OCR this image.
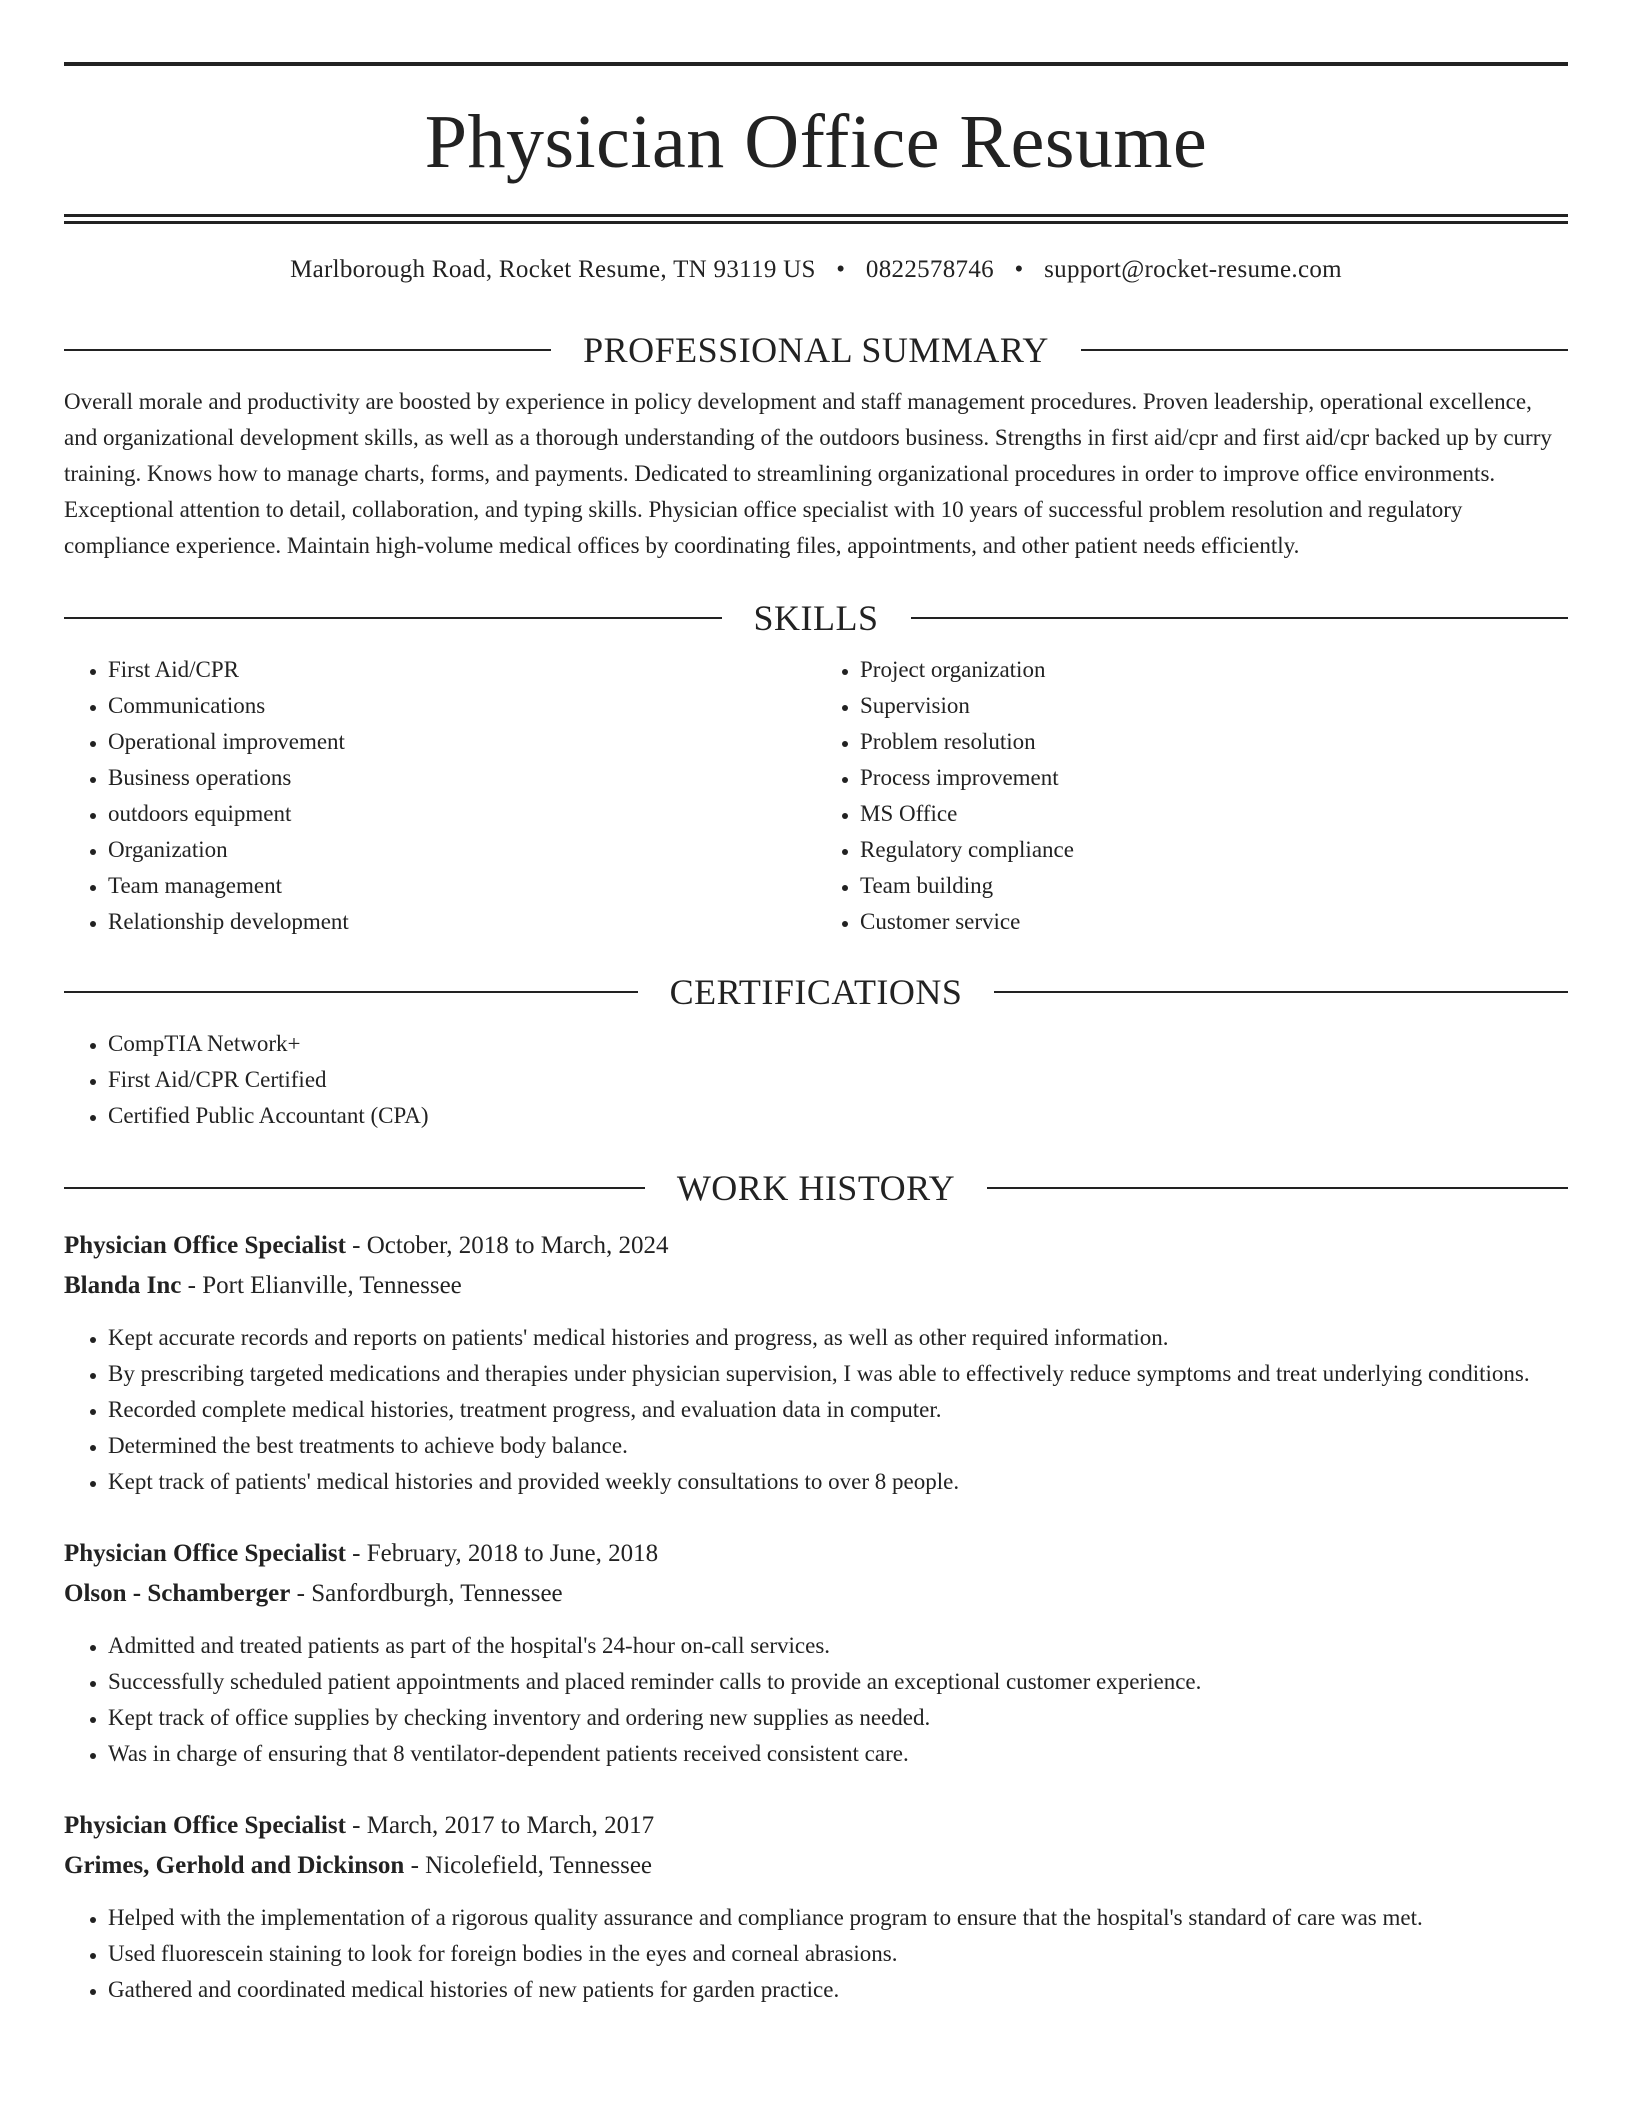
Physician Office Resume
Marlborough Road, Rocket Resume, TN 93119 US • 0822578746 • support@rocket-resume.com
PROFESSIONAL SUMMARY

Overall morale and productivity are boosted by experience in policy development and staff management procedures. Proven leadership, operational excellence, and organizational development skills, as well as a thorough understanding of the outdoors business. Strengths in first aid/cpr and first aid/cpr backed up by curry training. Knows how to manage charts, forms, and payments. Dedicated to streamlining organizational procedures in order to improve office environments. Exceptional attention to detail, collaboration, and typing skills. Physician office specialist with 10 years of successful problem resolution and regulatory compliance experience. Maintain high-volume medical offices by coordinating files, appointments, and other patient needs efficiently.

SKILLS
• First Aid/CPR
• Communications
• Operational improvement
• Business operations
• outdoors equipment
• Organization
• Team management
• Relationship development
• Project organization
• Supervision
• Problem resolution
• Process improvement
• MS Office
• Regulatory compliance
• Team building
• Customer service
CERTIFICATIONS
• CompTIA Network+
• First Aid/CPR Certified
• Certified Public Accountant (CPA)
WORK HISTORY
Physician Office Specialist - October, 2018 to March, 2024
Blanda Inc - Port Elianville, Tennessee
• Kept accurate records and reports on patients' medical histories and progress, as well as other required information.
• By prescribing targeted medications and therapies under physician supervision, I was able to effectively reduce symptoms and treat underlying conditions.
• Recorded complete medical histories, treatment progress, and evaluation data in computer.
• Determined the best treatments to achieve body balance.
• Kept track of patients' medical histories and provided weekly consultations to over 8 people.
Physician Office Specialist - February, 2018 to June, 2018
Olson - Schamberger - Sanfordburgh, Tennessee
• Admitted and treated patients as part of the hospital's 24-hour on-call services.
• Successfully scheduled patient appointments and placed reminder calls to provide an exceptional customer experience.
• Kept track of office supplies by checking inventory and ordering new supplies as needed.
• Was in charge of ensuring that 8 ventilator-dependent patients received consistent care.
Physician Office Specialist - March, 2017 to March, 2017
Grimes, Gerhold and Dickinson - Nicolefield, Tennessee
• Helped with the implementation of a rigorous quality assurance and compliance program to ensure that the hospital's standard of care was met.
• Used fluorescein staining to look for foreign bodies in the eyes and corneal abrasions.
• Gathered and coordinated medical histories of new patients for garden practice.
